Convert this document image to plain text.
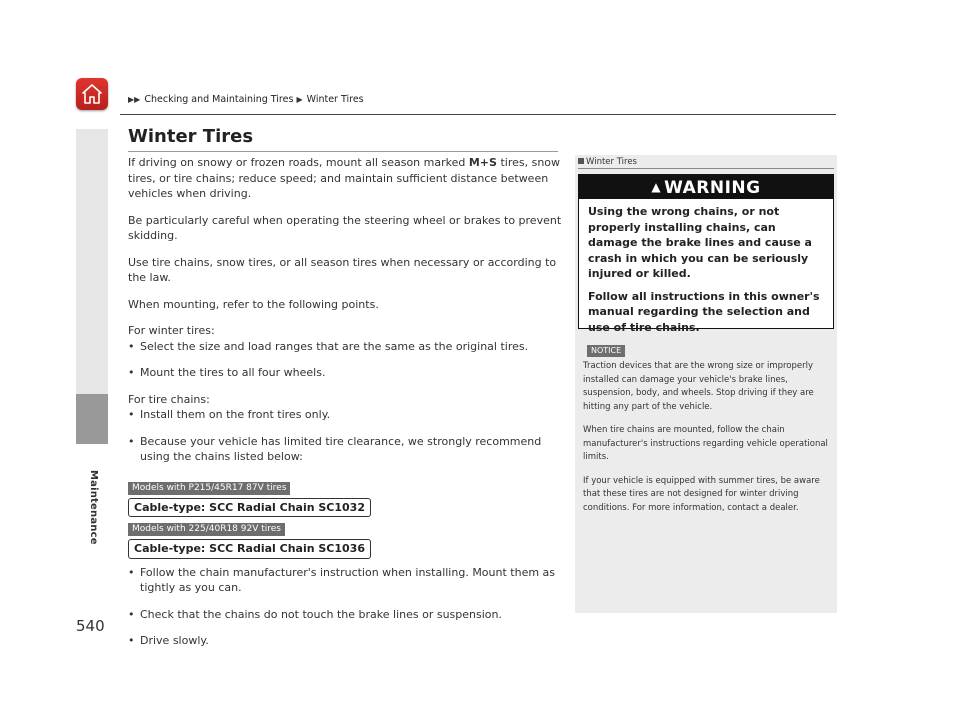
▶▶ Checking and Maintaining Tires ▶ Winter Tires
Maintenance
540
Winter Tires

If driving on snowy or frozen roads, mount all season marked M+S tires, snow tires, or tire chains; reduce speed; and maintain sufficient distance between vehicles when driving.

Be particularly careful when operating the steering wheel or brakes to prevent skidding.

Use tire chains, snow tires, or all season tires when necessary or according to the law.

When mounting, refer to the following points.

For winter tires:

• Select the size and load ranges that are the same as the original tires.

• Mount the tires to all four wheels.

For tire chains:

• Install them on the front tires only.

• Because your vehicle has limited tire clearance, we strongly recommend using the chains listed below:

Models with P215/45R17 87V tires
Cable-type: SCC Radial Chain SC1032
Models with 225/40R18 92V tires
Cable-type: SCC Radial Chain SC1036

• Follow the chain manufacturer's instruction when installing. Mount them as tightly as you can.

• Check that the chains do not touch the brake lines or suspension.

• Drive slowly.

Winter Tires
▲ WARNING

Using the wrong chains, or not properly installing chains, can damage the brake lines and cause a crash in which you can be seriously injured or killed.

Follow all instructions in this owner's manual regarding the selection and use of tire chains.

NOTICE

Traction devices that are the wrong size or improperly installed can damage your vehicle's brake lines, suspension, body, and wheels. Stop driving if they are hitting any part of the vehicle.

When tire chains are mounted, follow the chain manufacturer's instructions regarding vehicle operational limits.

If your vehicle is equipped with summer tires, be aware that these tires are not designed for winter driving conditions. For more information, contact a dealer.
